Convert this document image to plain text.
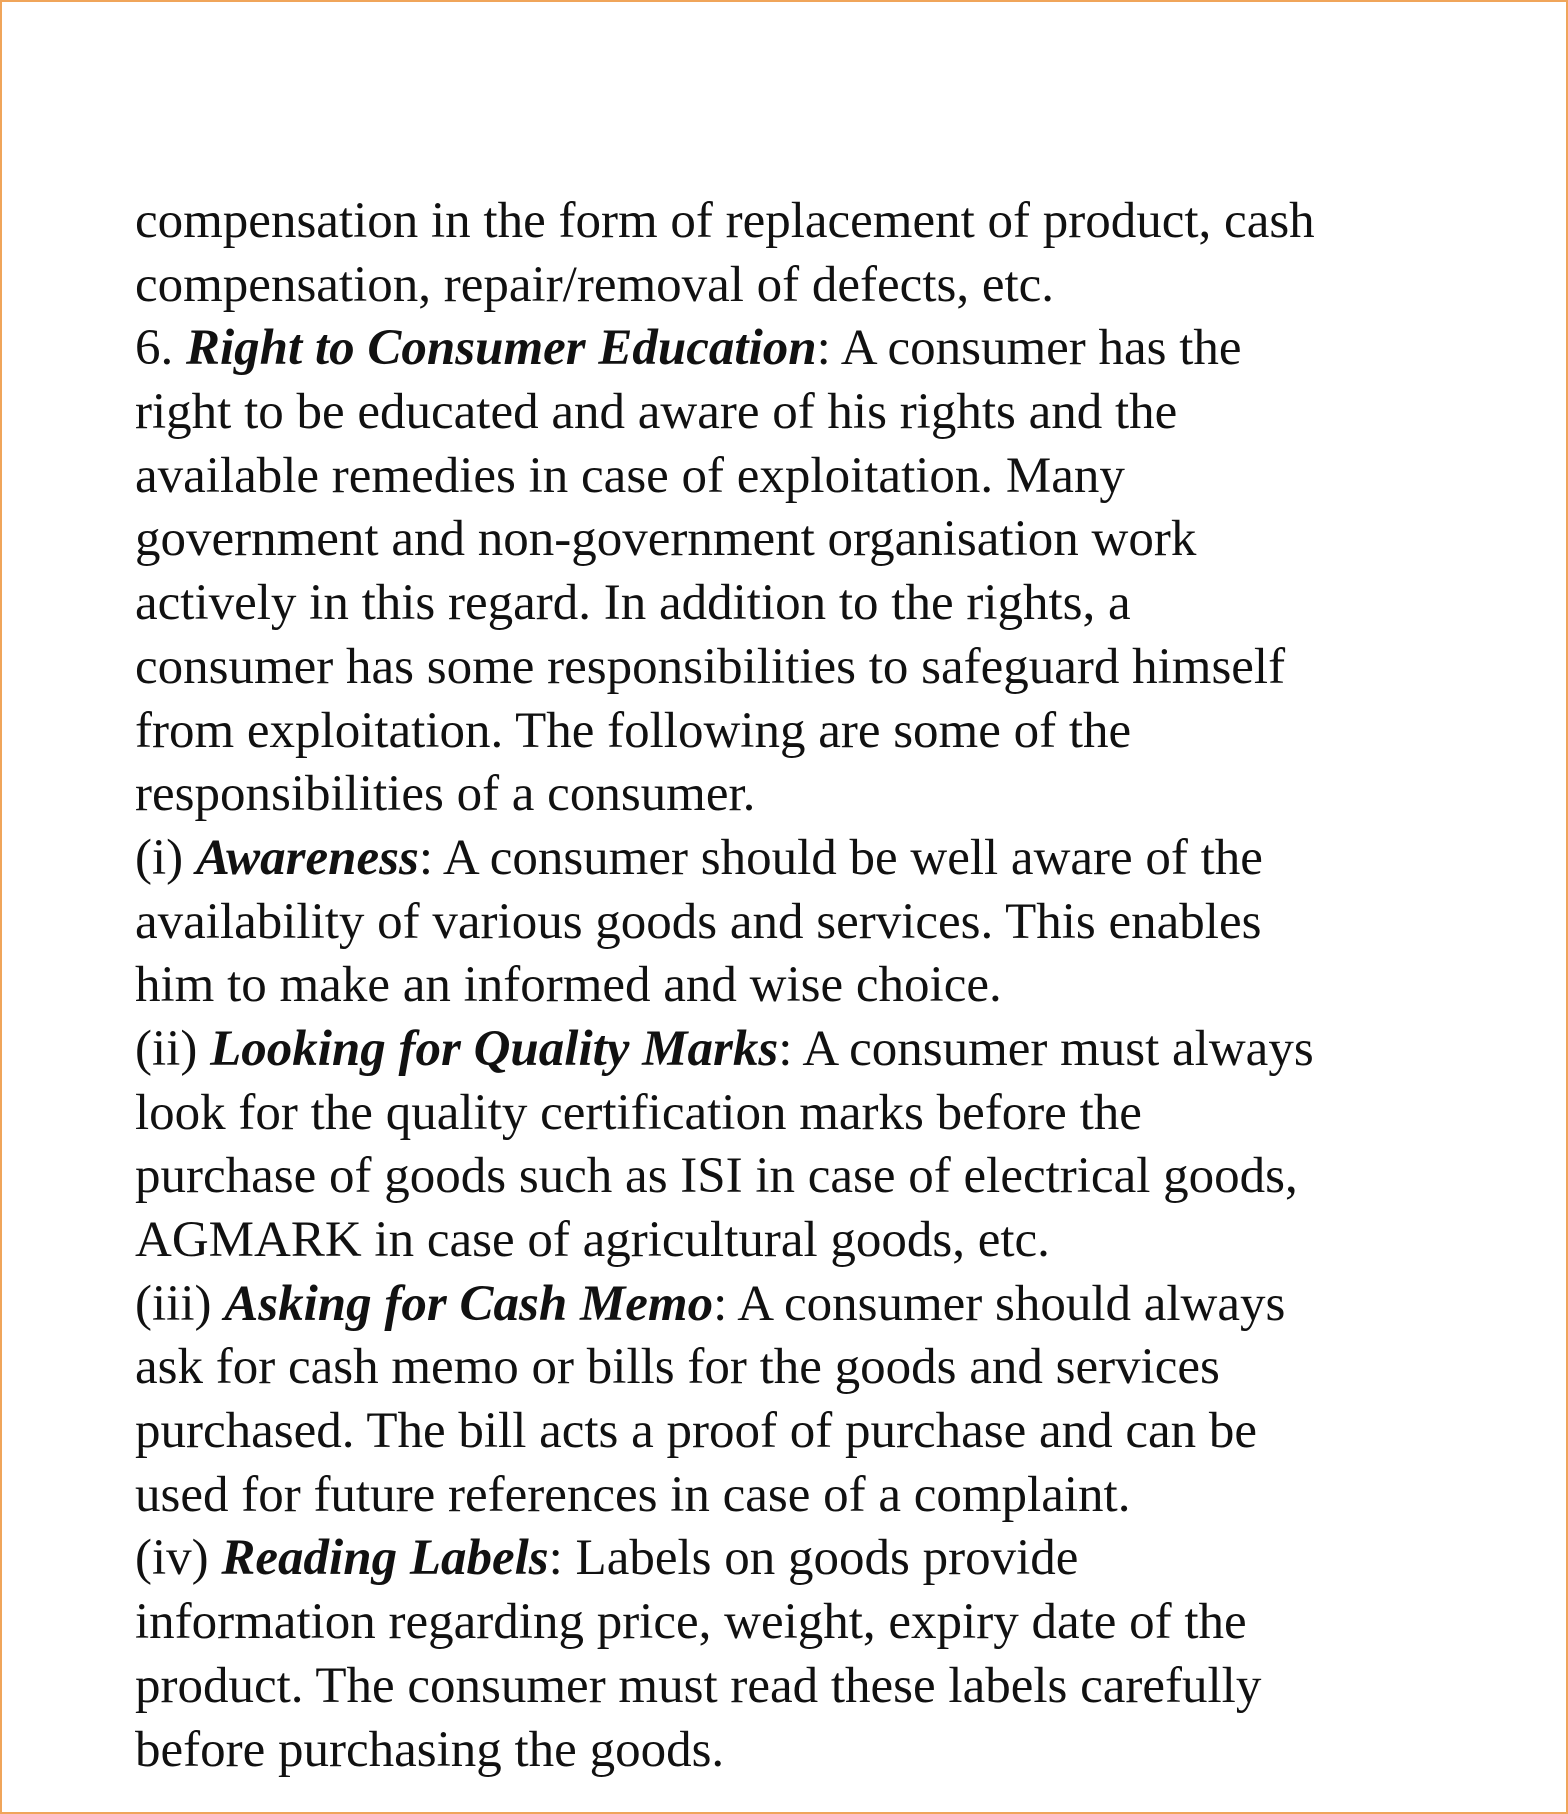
compensation in the form of replacement of product, cash
compensation, repair/removal of defects, etc.
6. Right to Consumer Education: A consumer has the
right to be educated and aware of his rights and the
available remedies in case of exploitation. Many
government and non-government organisation work
actively in this regard. In addition to the rights, a
consumer has some responsibilities to safeguard himself
from exploitation. The following are some of the
responsibilities of a consumer.
(i) Awareness: A consumer should be well aware of the
availability of various goods and services. This enables
him to make an informed and wise choice.
(ii) Looking for Quality Marks: A consumer must always
look for the quality certification marks before the
purchase of goods such as ISI in case of electrical goods,
AGMARK in case of agricultural goods, etc.
(iii) Asking for Cash Memo: A consumer should always
ask for cash memo or bills for the goods and services
purchased. The bill acts a proof of purchase and can be
used for future references in case of a complaint.
(iv) Reading Labels: Labels on goods provide
information regarding price, weight, expiry date of the
product. The consumer must read these labels carefully
before purchasing the goods.
